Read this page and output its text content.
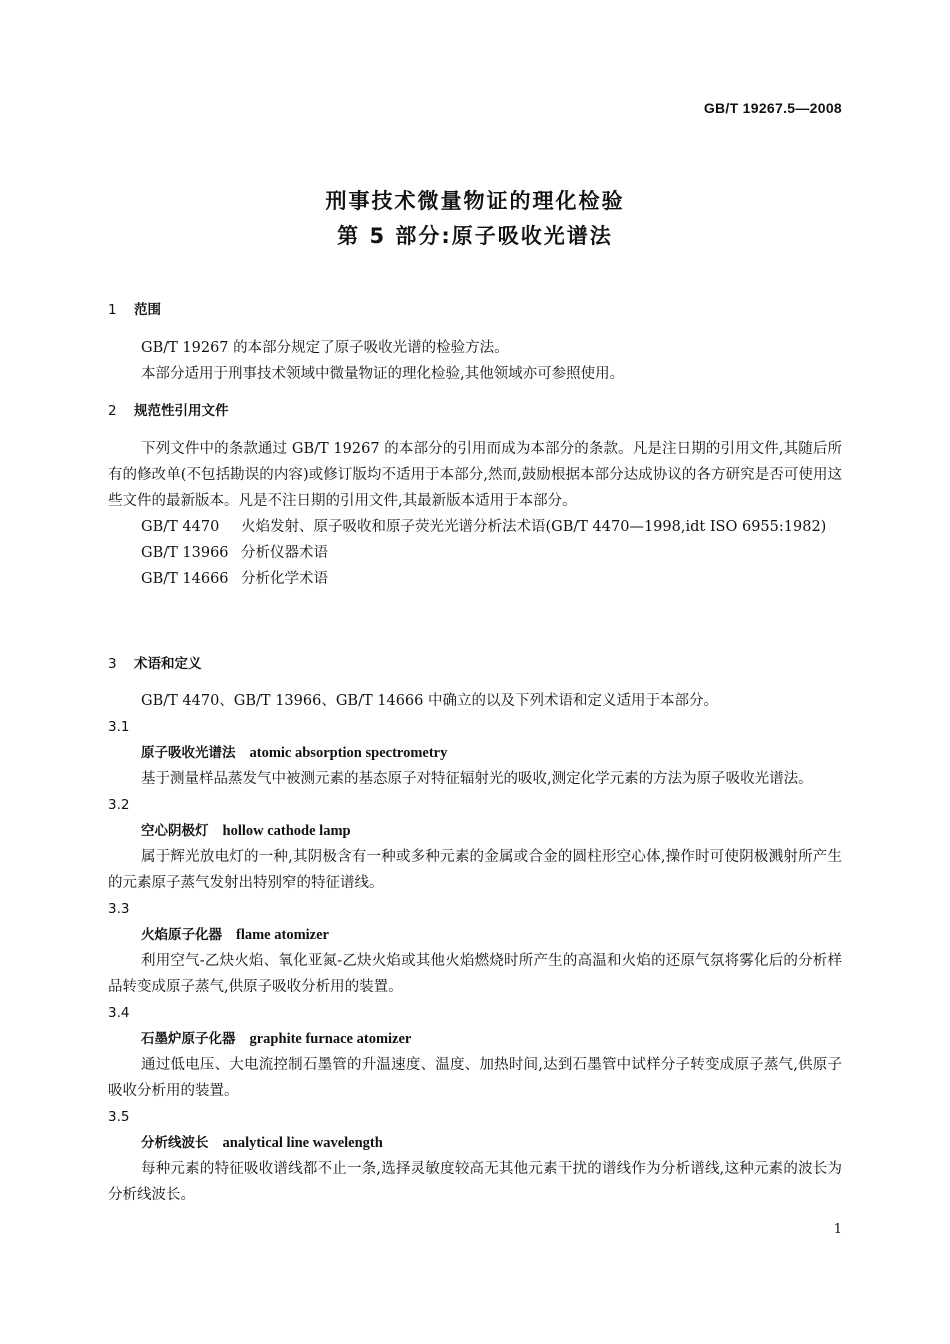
GB/T 19267.5—2008
刑事技术微量物证的理化检验
第 5 部分:原子吸收光谱法
1 范围

GB/T 19267 的本部分规定了原子吸收光谱的检验方法。

本部分适用于刑事技术领域中微量物证的理化检验,其他领域亦可参照使用。

2 规范性引用文件

下列文件中的条款通过 GB/T 19267 的本部分的引用而成为本部分的条款。凡是注日期的引用文件,其随后所有的修改单(不包括勘误的内容)或修订版均不适用于本部分,然而,鼓励根据本部分达成协议的各方研究是否可使用这些文件的最新版本。凡是不注日期的引用文件,其最新版本适用于本部分。

GB/T 4470 火焰发射、原子吸收和原子荧光光谱分析法术语(GB/T 4470—1998,idt ISO 6955:1982)

GB/T 13966 分析仪器术语

GB/T 14666 分析化学术语

3 术语和定义

GB/T 4470、GB/T 13966、GB/T 14666 中确立的以及下列术语和定义适用于本部分。

3.1
原子吸收光谱法 atomic absorption spectrometry

基于测量样品蒸发气中被测元素的基态原子对特征辐射光的吸收,测定化学元素的方法为原子吸收光谱法。

3.2
空心阴极灯 hollow cathode lamp

属于辉光放电灯的一种,其阴极含有一种或多种元素的金属或合金的圆柱形空心体,操作时可使阴极溅射所产生的元素原子蒸气发射出特别窄的特征谱线。

3.3
火焰原子化器 flame atomizer

利用空气-乙炔火焰、氧化亚氮-乙炔火焰或其他火焰燃烧时所产生的高温和火焰的还原气氛将雾化后的分析样品转变成原子蒸气,供原子吸收分析用的装置。

3.4
石墨炉原子化器 graphite furnace atomizer

通过低电压、大电流控制石墨管的升温速度、温度、加热时间,达到石墨管中试样分子转变成原子蒸气,供原子吸收分析用的装置。

3.5
分析线波长 analytical line wavelength

每种元素的特征吸收谱线都不止一条,选择灵敏度较高无其他元素干扰的谱线作为分析谱线,这种元素的波长为分析线波长。

1
